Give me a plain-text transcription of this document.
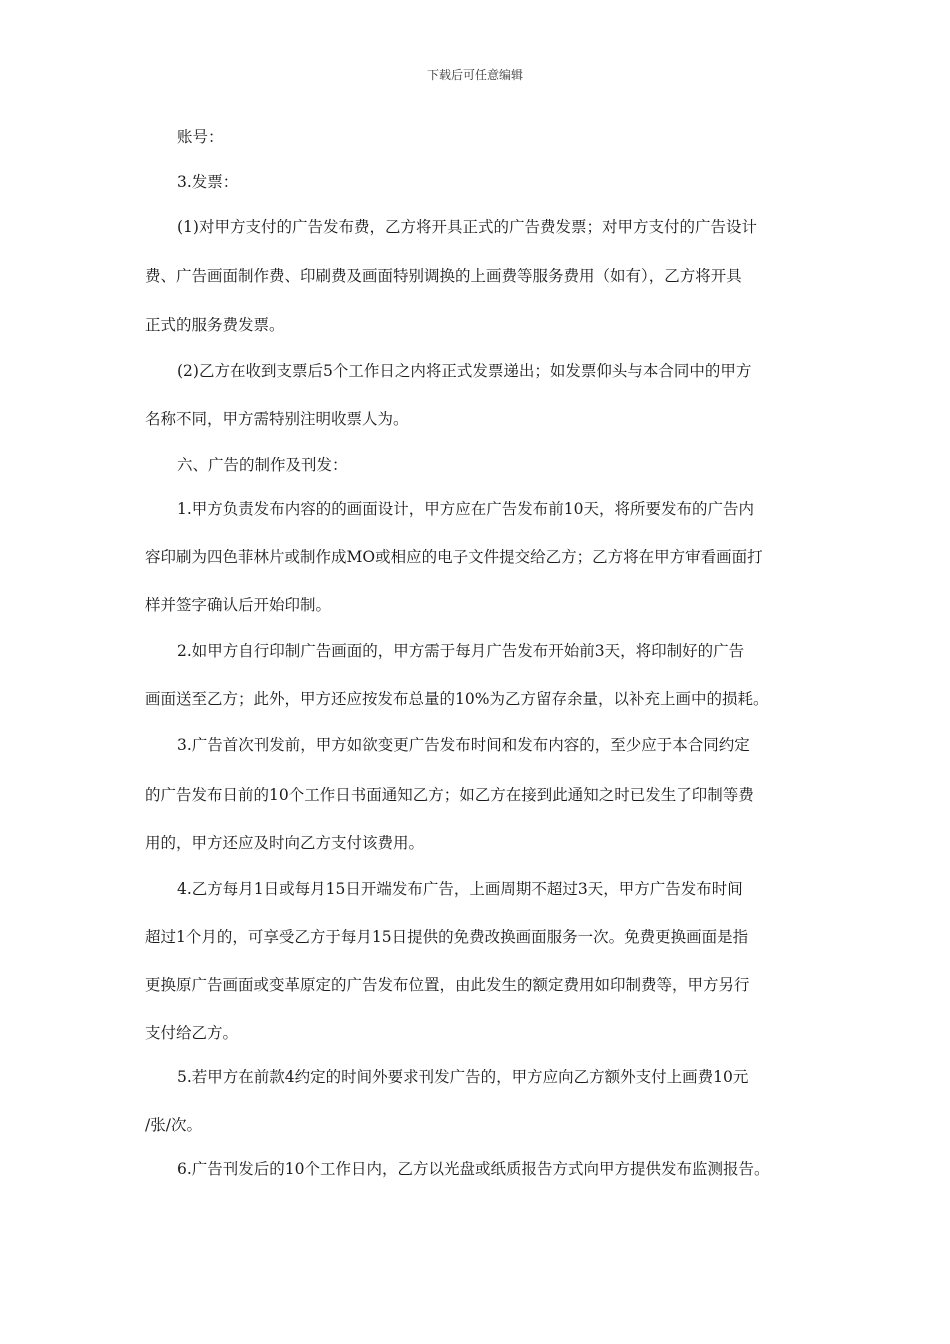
下载后可任意编辑
账号：
3.发票：
(1)对甲方支付的广告发布费，乙方将开具正式的广告费发票；对甲方支付的广告设计
费、广告画面制作费、印刷费及画面特别调换的上画费等服务费用（如有），乙方将开具
正式的服务费发票。
(2)乙方在收到支票后5个工作日之内将正式发票递出；如发票仰头与本合同中的甲方
名称不同，甲方需特别注明收票人为。
六、广告的制作及刊发：
1.甲方负责发布内容的的画面设计，甲方应在广告发布前10天，将所要发布的广告内
容印刷为四色菲林片或制作成MO或相应的电子文件提交给乙方；乙方将在甲方审看画面打
样并签字确认后开始印制。
2.如甲方自行印制广告画面的，甲方需于每月广告发布开始前3天，将印制好的广告
画面送至乙方；此外，甲方还应按发布总量的10%为乙方留存余量，以补充上画中的损耗。
3.广告首次刊发前，甲方如欲变更广告发布时间和发布内容的，至少应于本合同约定
的广告发布日前的10个工作日书面通知乙方；如乙方在接到此通知之时已发生了印制等费
用的，甲方还应及时向乙方支付该费用。
4.乙方每月1日或每月15日开端发布广告，上画周期不超过3天，甲方广告发布时间
超过1个月的，可享受乙方于每月15日提供的免费改换画面服务一次。免费更换画面是指
更换原广告画面或变革原定的广告发布位置，由此发生的额定费用如印制费等，甲方另行
支付给乙方。
5.若甲方在前款4约定的时间外要求刊发广告的，甲方应向乙方额外支付上画费10元
/张/次。
6.广告刊发后的10个工作日内，乙方以光盘或纸质报告方式向甲方提供发布监测报告。
